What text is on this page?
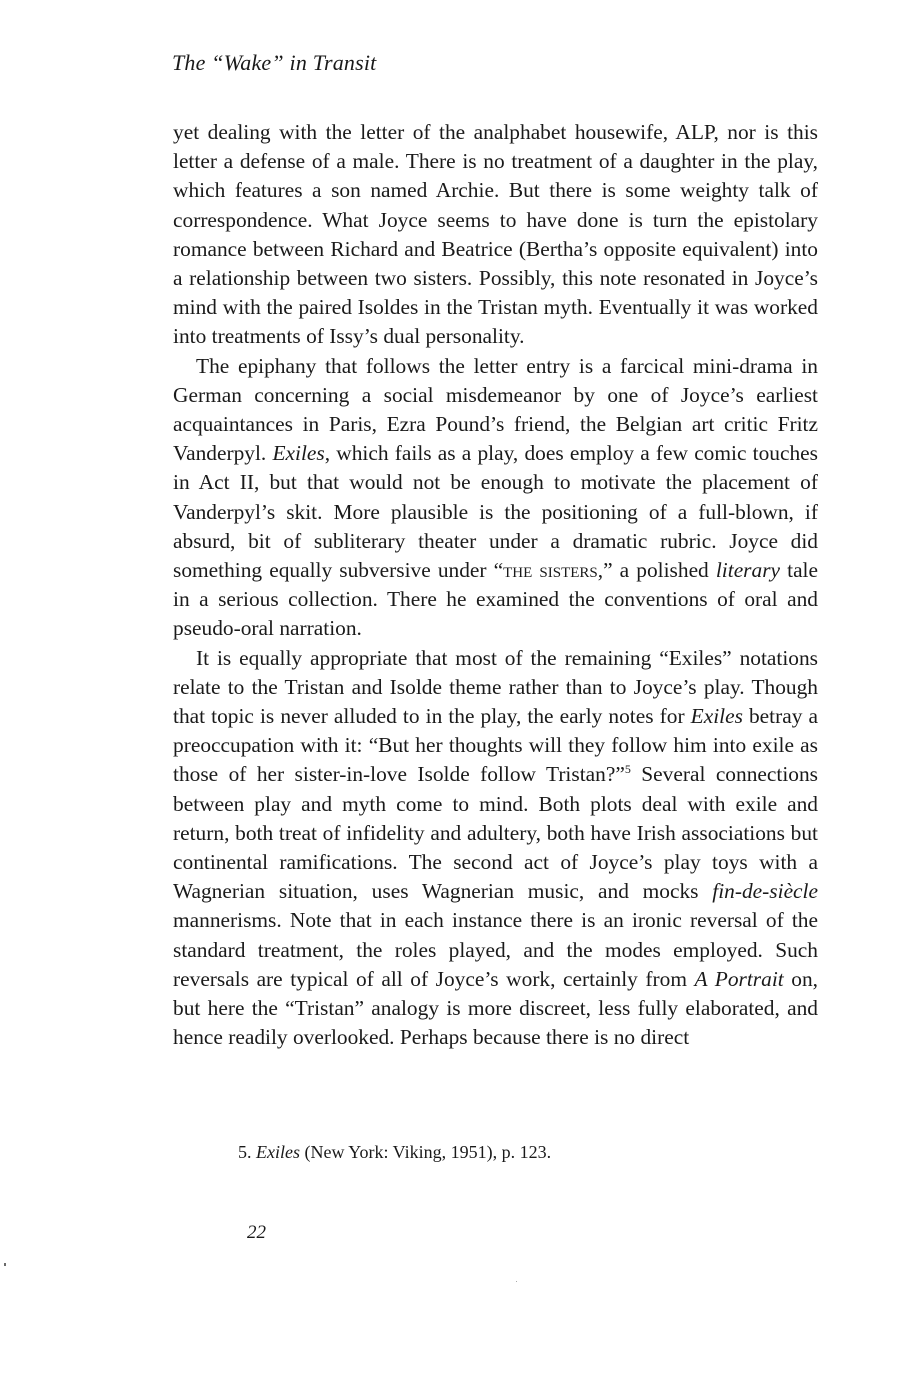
The “Wake” in Transit

yet dealing with the letter of the analphabet housewife, ALP, nor is this letter a defense of a male. There is no treatment of a daughter in the play, which features a son named Archie. But there is some weighty talk of correspondence. What Joyce seems to have done is turn the epistolary romance between Richard and Beatrice (Bertha’s opposite equivalent) into a relationship between two sisters. Possibly, this note resonated in Joyce’s mind with the paired Isoldes in the Tristan myth. Eventually it was worked into treatments of Issy’s dual personality.

The epiphany that follows the letter entry is a farcical mini-drama in German concerning a social misdemeanor by one of Joyce’s earliest acquaintances in Paris, Ezra Pound’s friend, the Belgian art critic Fritz Vanderpyl. Exiles, which fails as a play, does employ a few comic touches in Act II, but that would not be enough to motivate the placement of Vanderpyl’s skit. More plausible is the positioning of a full-blown, if absurd, bit of subliterary theater under a dramatic rubric. Joyce did something equally subversive under “the sisters,” a polished literary tale in a serious collection. There he examined the conventions of oral and pseudo-oral narration.

It is equally appropriate that most of the remaining “Exiles” notations relate to the Tristan and Isolde theme rather than to Joyce’s play. Though that topic is never alluded to in the play, the early notes for Exiles betray a preoccupation with it: “But her thoughts will they follow him into exile as those of her sister-in-love Isolde follow Tristan?”$^5$ Several connections between play and myth come to mind. Both plots deal with exile and return, both treat of infidelity and adultery, both have Irish associations but continental ramifications. The second act of Joyce’s play toys with a Wagnerian situation, uses Wagnerian music, and mocks fin-de-siècle mannerisms. Note that in each instance there is an ironic reversal of the standard treatment, the roles played, and the modes employed. Such reversals are typical of all of Joyce’s work, certainly from A Portrait on, but here the “Tristan” analogy is more discreet, less fully elaborated, and hence readily overlooked. Perhaps because there is no direct

5. Exiles (New York: Viking, 1951), p. 123.
22
